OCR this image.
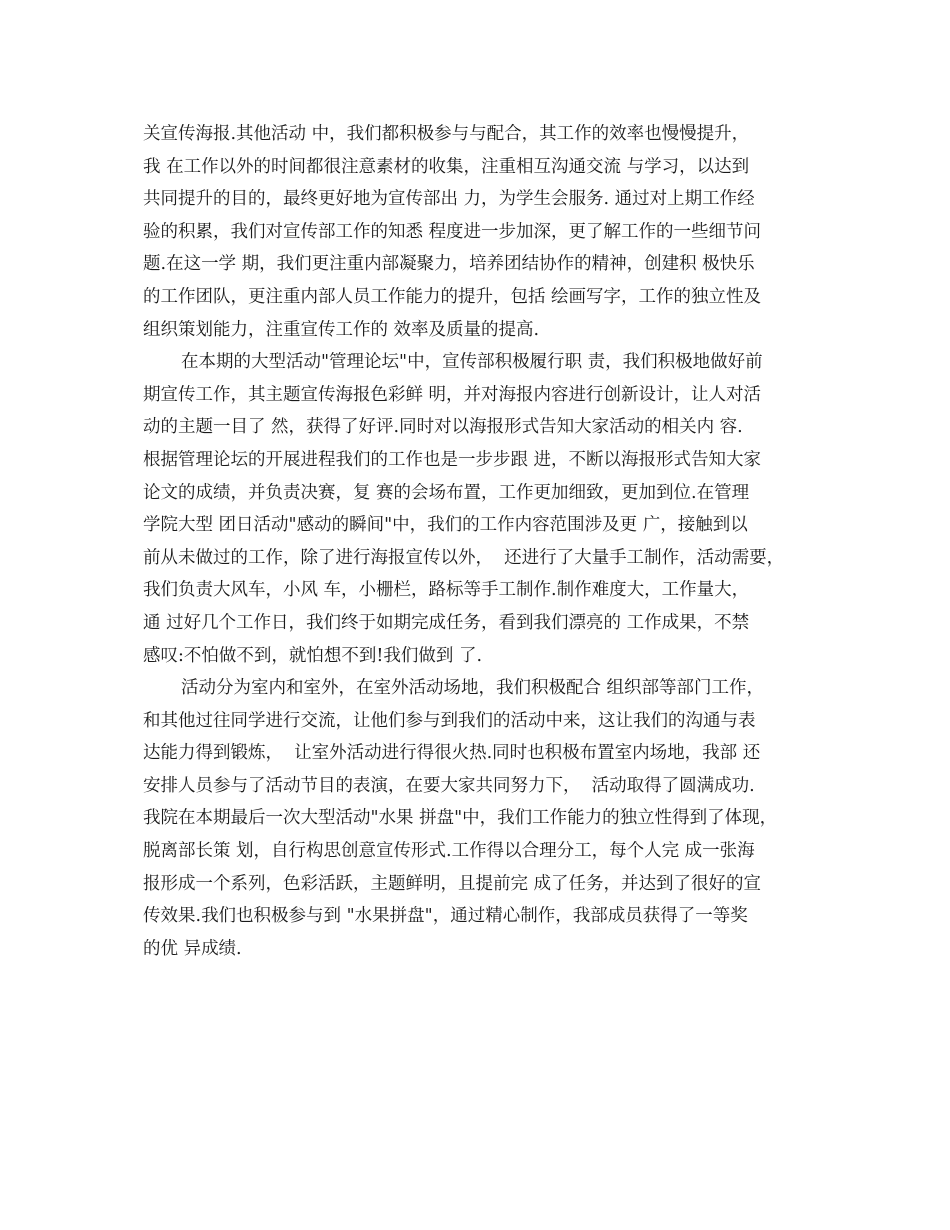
关宣传海报.其他活动 中，我们都积极参与与配合，其工作的效率也慢慢提升，
我 在工作以外的时间都很注意素材的收集，注重相互沟通交流 与学习，以达到
共同提升的目的，最终更好地为宣传部出 力，为学生会服务. 通过对上期工作经
验的积累，我们对宣传部工作的知悉 程度进一步加深，更了解工作的一些细节问
题.在这一学 期，我们更注重内部凝聚力，培养团结协作的精神，创建积 极快乐
的工作团队，更注重内部人员工作能力的提升，包括 绘画写字，工作的独立性及
组织策划能力，注重宣传工作的 效率及质量的提高.
在本期的大型活动"管理论坛"中，宣传部积极履行职 责，我们积极地做好前
期宣传工作，其主题宣传海报色彩鲜 明，并对海报内容进行创新设计，让人对活
动的主题一目了 然，获得了好评.同时对以海报形式告知大家活动的相关内 容.
根据管理论坛的开展进程我们的工作也是一步步跟 进，不断以海报形式告知大家
论文的成绩，并负责决赛，复 赛的会场布置，工作更加细致，更加到位.在管理
学院大型 团日活动"感动的瞬间"中，我们的工作内容范围涉及更 广，接触到以
前从未做过的工作，除了进行海报宣传以外，  还进行了大量手工制作，活动需要，
我们负责大风车，小风 车，小栅栏，路标等手工制作.制作难度大，工作量大，
通 过好几个工作日，我们终于如期完成任务，看到我们漂亮的 工作成果，不禁
感叹:不怕做不到，就怕想不到!我们做到 了.
活动分为室内和室外，在室外活动场地，我们积极配合 组织部等部门工作，
和其他过往同学进行交流，让他们参与到我们的活动中来，这让我们的沟通与表
达能力得到锻炼，  让室外活动进行得很火热.同时也积极布置室内场地，我部 还
安排人员参与了活动节目的表演，在要大家共同努力下，  活动取得了圆满成功.
我院在本期最后一次大型活动"水果 拼盘"中，我们工作能力的独立性得到了体现，
脱离部长策 划，自行构思创意宣传形式.工作得以合理分工，每个人完 成一张海
报形成一个系列，色彩活跃，主题鲜明，且提前完 成了任务，并达到了很好的宣
传效果.我们也积极参与到 "水果拼盘"，通过精心制作，我部成员获得了一等奖
的优 异成绩.
